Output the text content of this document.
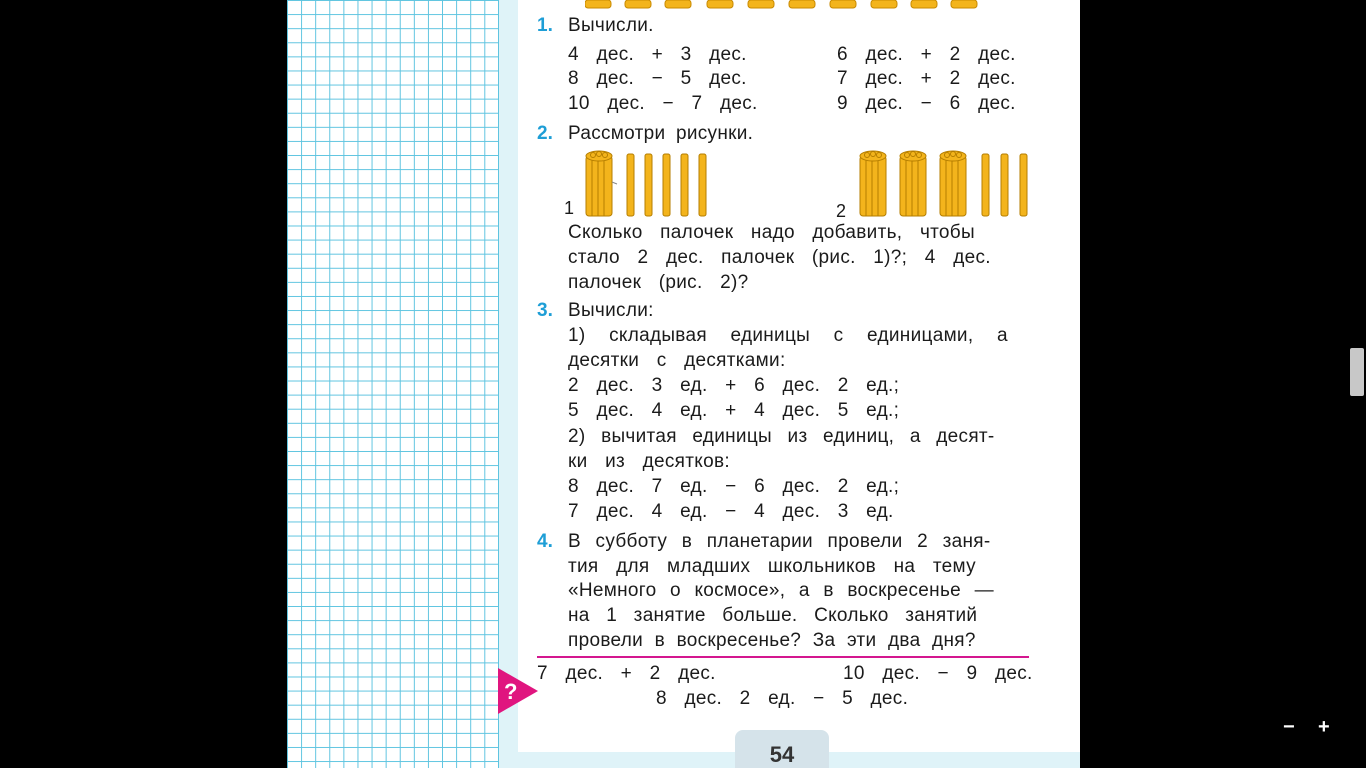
54
1. Вычисли.
4 дес. + 3 дес.
8 дес. − 5 дес.
10 дес. − 7 дес.
6 дес. + 2 дес.
7 дес. + 2 дес.
9 дес. − 6 дес.
2. Рассмотри рисунки.
1	2
Сколько палочек надо добавить, чтобы
стало 2 дес. палочек (рис. 1)?; 4 дес.
палочек (рис. 2)?
3. Вычисли:
1) складывая единицы с единицами, а
десятки с десятками:
2 дес. 3 ед. + 6 дес. 2 ед.;
5 дес. 4 ед. + 4 дес. 5 ед.;
2) вычитая единицы из единиц, а десят-
ки из десятков:
8 дес. 7 ед. − 6 дес. 2 ед.;
7 дес. 4 ед. − 4 дес. 3 ед.
4. В субботу в планетарии провели 2 заня-
тия для младших школьников на тему
«Немного о космосе», а в воскресенье —
на 1 занятие больше. Сколько занятий
провели в воскресенье? За эти два дня?
?
7 дес. + 2 дес.	10 дес. − 9 дес.
8 дес. 2 ед. − 5 дес.
− +
